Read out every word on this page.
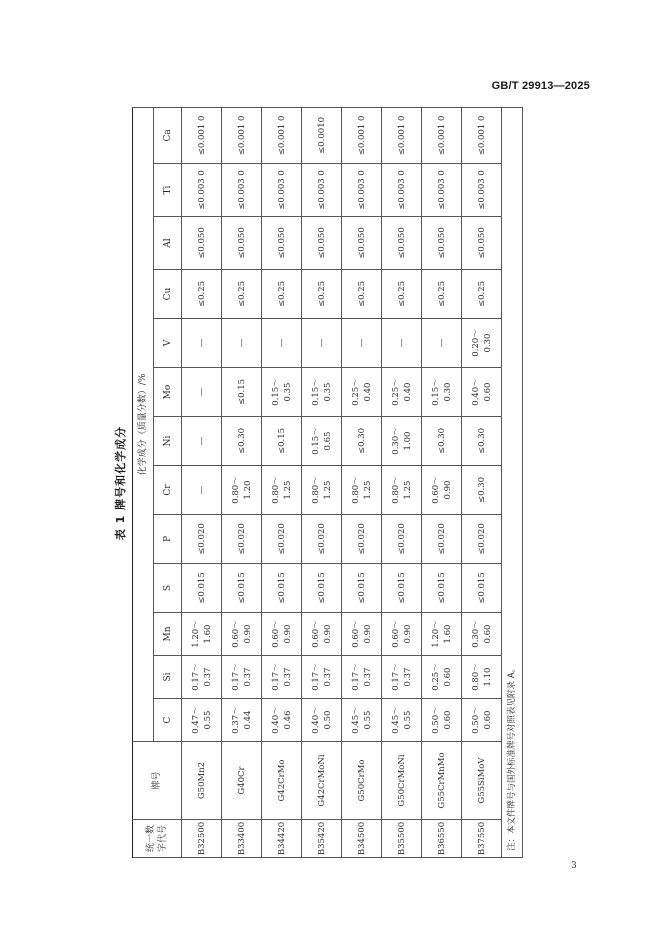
GB/T 29913—2025
表 1 牌号和化学成分
统一数字代号	牌号	化学成分（质量分数）/%												
		C	Si	Mn	S	P	Cr	Ni	Mo	V	Cu	Al	Ti	Ca
B32500	G50Mn2	0.47～ 0.55	0.17～ 0.37	1.20～ 1.60	≤0.015	≤0.020	—	—	—	—	≤0.25	≤0.050	≤0.003 0	≤0.001 0

B33400	G40Cr	0.37～ 0.44	0.17～ 0.37	0.60～ 0.90	≤0.015	≤0.020	0.80～ 1.20	≤0.30	≤0.15	—	≤0.25	≤0.050	≤0.003 0	≤0.001 0

B34420	G42CrMo	0.40～ 0.46	0.17～ 0.37	0.60～ 0.90	≤0.015	≤0.020	0.80～ 1.25	≤0.15	0.15～ 0.35	—	≤0.25	≤0.050	≤0.003 0	≤0.001 0

B35420	G42CrMoNi	0.40～ 0.50	0.17～ 0.37	0.60～ 0.90	≤0.015	≤0.020	0.80～ 1.25	0.15～ 0.65	0.15～ 0.35	—	≤0.25	≤0.050	≤0.003 0	≤0.0010

B34500	G50CrMo	0.45～ 0.55	0.17～ 0.37	0.60～ 0.90	≤0.015	≤0.020	0.80～ 1.25	≤0.30	0.25～ 0.40	—	≤0.25	≤0.050	≤0.003 0	≤0.001 0

B35500	G50CrMoNi	0.45～ 0.55	0.17～ 0.37	0.60～ 0.90	≤0.015	≤0.020	0.80～ 1.25	0.30～ 1.00	0.25～ 0.40	—	≤0.25	≤0.050	≤0.003 0	≤0.001 0

B36550	G55CrMnMo	0.50～ 0.60	0.25～ 0.60	1.20～ 1.60	≤0.015	≤0.020	0.60～ 0.90	≤0.30	0.15～ 0.30	—	≤0.25	≤0.050	≤0.003 0	≤0.001 0

B37550	G55SiMoV	0.50～ 0.60	0.80～ 1.10	0.30～ 0.60	≤0.015	≤0.020	≤0.30	≤0.30	0.40～ 0.60	0.20～ 0.30	≤0.25	≤0.050	≤0.003 0	≤0.001 0

注：本文件牌号与国外标准牌号对照表见附录 A。														
3
